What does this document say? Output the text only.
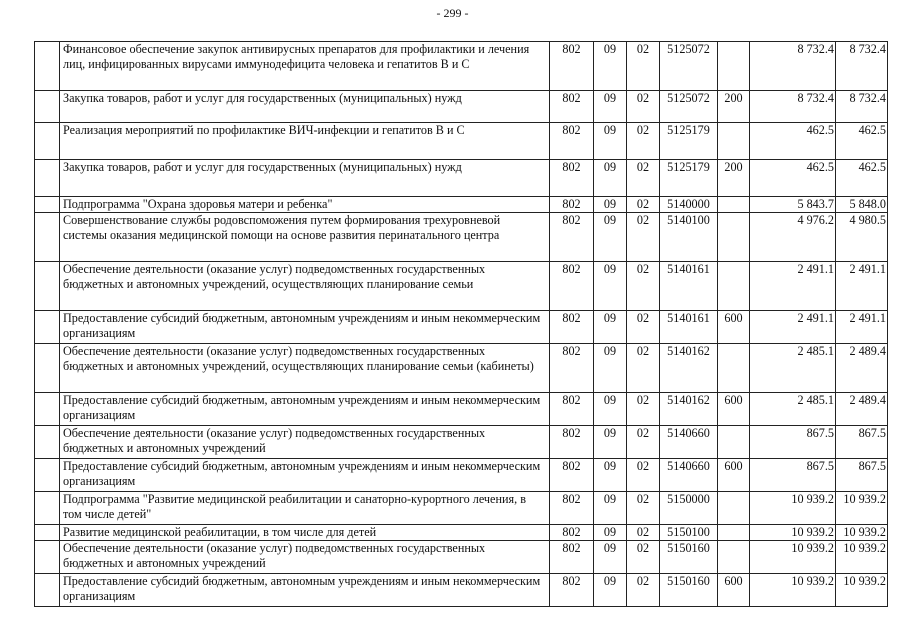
- 299 -
	Финансовое обеспечение закупок антивирусных препаратов для профилактики и лечения лиц, инфицированных вирусами иммунодефицита человека и гепатитов В и С	802	09	02	5125072		8 732.4	8 732.4
	Закупка товаров, работ и услуг для государственных (муниципальных) нужд	802	09	02	5125072	200	8 732.4	8 732.4
	Реализация мероприятий по профилактике ВИЧ-инфекции и гепатитов В и С	802	09	02	5125179		462.5	462.5
	Закупка товаров, работ и услуг для государственных (муниципальных) нужд	802	09	02	5125179	200	462.5	462.5
	Подпрограмма "Охрана здоровья матери и ребенка"	802	09	02	5140000		5 843.7	5 848.0
	Совершенствование службы родовспоможения путем формирования трехуровневой системы оказания медицинской помощи на основе развития перинатального центра	802	09	02	5140100		4 976.2	4 980.5
	Обеспечение деятельности (оказание услуг) подведомственных государственных бюджетных и автономных учреждений, осуществляющих планирование семьи	802	09	02	5140161		2 491.1	2 491.1
	Предоставление субсидий бюджетным, автономным учреждениям и иным некоммерческим организациям	802	09	02	5140161	600	2 491.1	2 491.1
	Обеспечение деятельности (оказание услуг) подведомственных государственных бюджетных и автономных учреждений, осуществляющих планирование семьи (кабинеты)	802	09	02	5140162		2 485.1	2 489.4
	Предоставление субсидий бюджетным, автономным учреждениям и иным некоммерческим организациям	802	09	02	5140162	600	2 485.1	2 489.4
	Обеспечение деятельности (оказание услуг) подведомственных государственных бюджетных и автономных учреждений	802	09	02	5140660		867.5	867.5
	Предоставление субсидий бюджетным, автономным учреждениям и иным некоммерческим организациям	802	09	02	5140660	600	867.5	867.5
	Подпрограмма "Развитие медицинской реабилитации и санаторно-курортного лечения, в том числе детей"	802	09	02	5150000		10 939.2	10 939.2
	Развитие медицинской реабилитации, в том числе для детей	802	09	02	5150100		10 939.2	10 939.2
	Обеспечение деятельности (оказание услуг) подведомственных государственных бюджетных и автономных учреждений	802	09	02	5150160		10 939.2	10 939.2
	Предоставление субсидий бюджетным, автономным учреждениям и иным некоммерческим организациям	802	09	02	5150160	600	10 939.2	10 939.2
